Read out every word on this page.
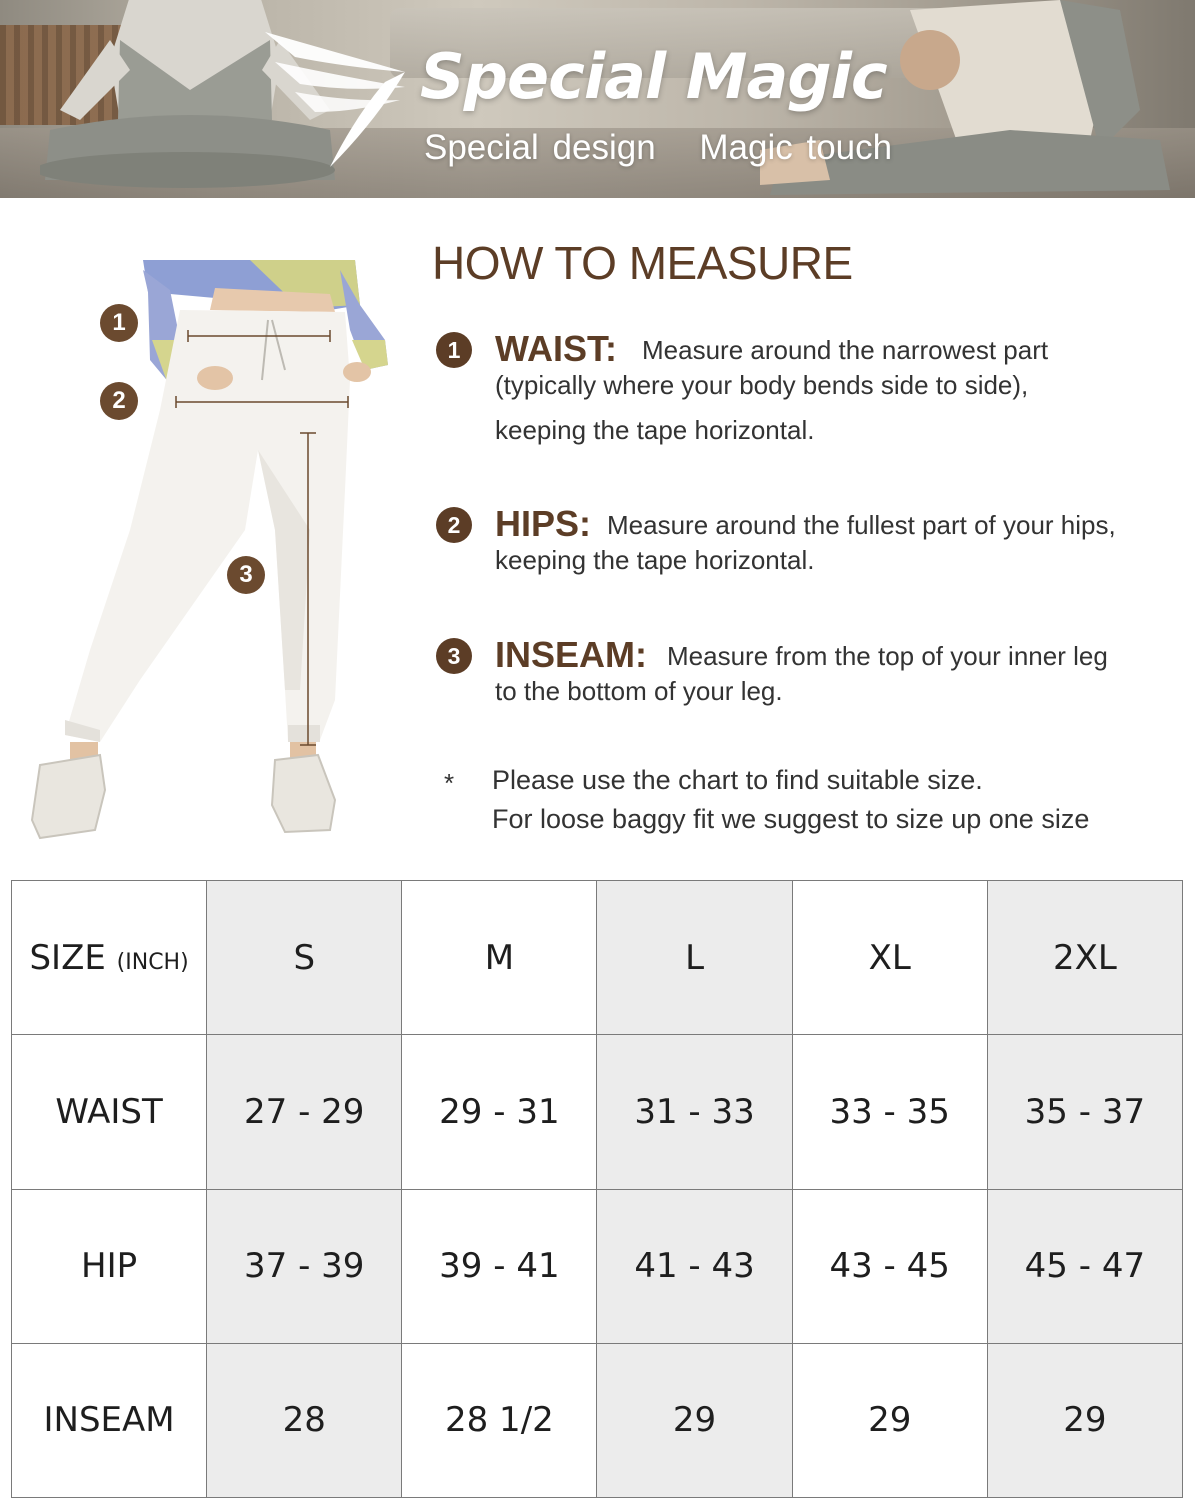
Special Magic
Special design Magic touch
1
2
3
HOW TO MEASURE
1 WAIST: Measure around the narrowest part
(typically where your body bends side to side),
keeping the tape horizontal.
2 HIPS: Measure around the fullest part of your hips,
keeping the tape horizontal.
3 INSEAM: Measure from the top of your inner leg
to the bottom of your leg.
* Please use the chart to find suitable size.
For loose baggy fit we suggest to size up one size
SIZE (INCH)	S	M	L	XL	2XL
WAIST	27 - 29	29 - 31	31 - 33	33 - 35	35 - 37
HIP	37 - 39	39 - 41	41 - 43	43 - 45	45 - 47
INSEAM	28	28 1/2	29	29	29
